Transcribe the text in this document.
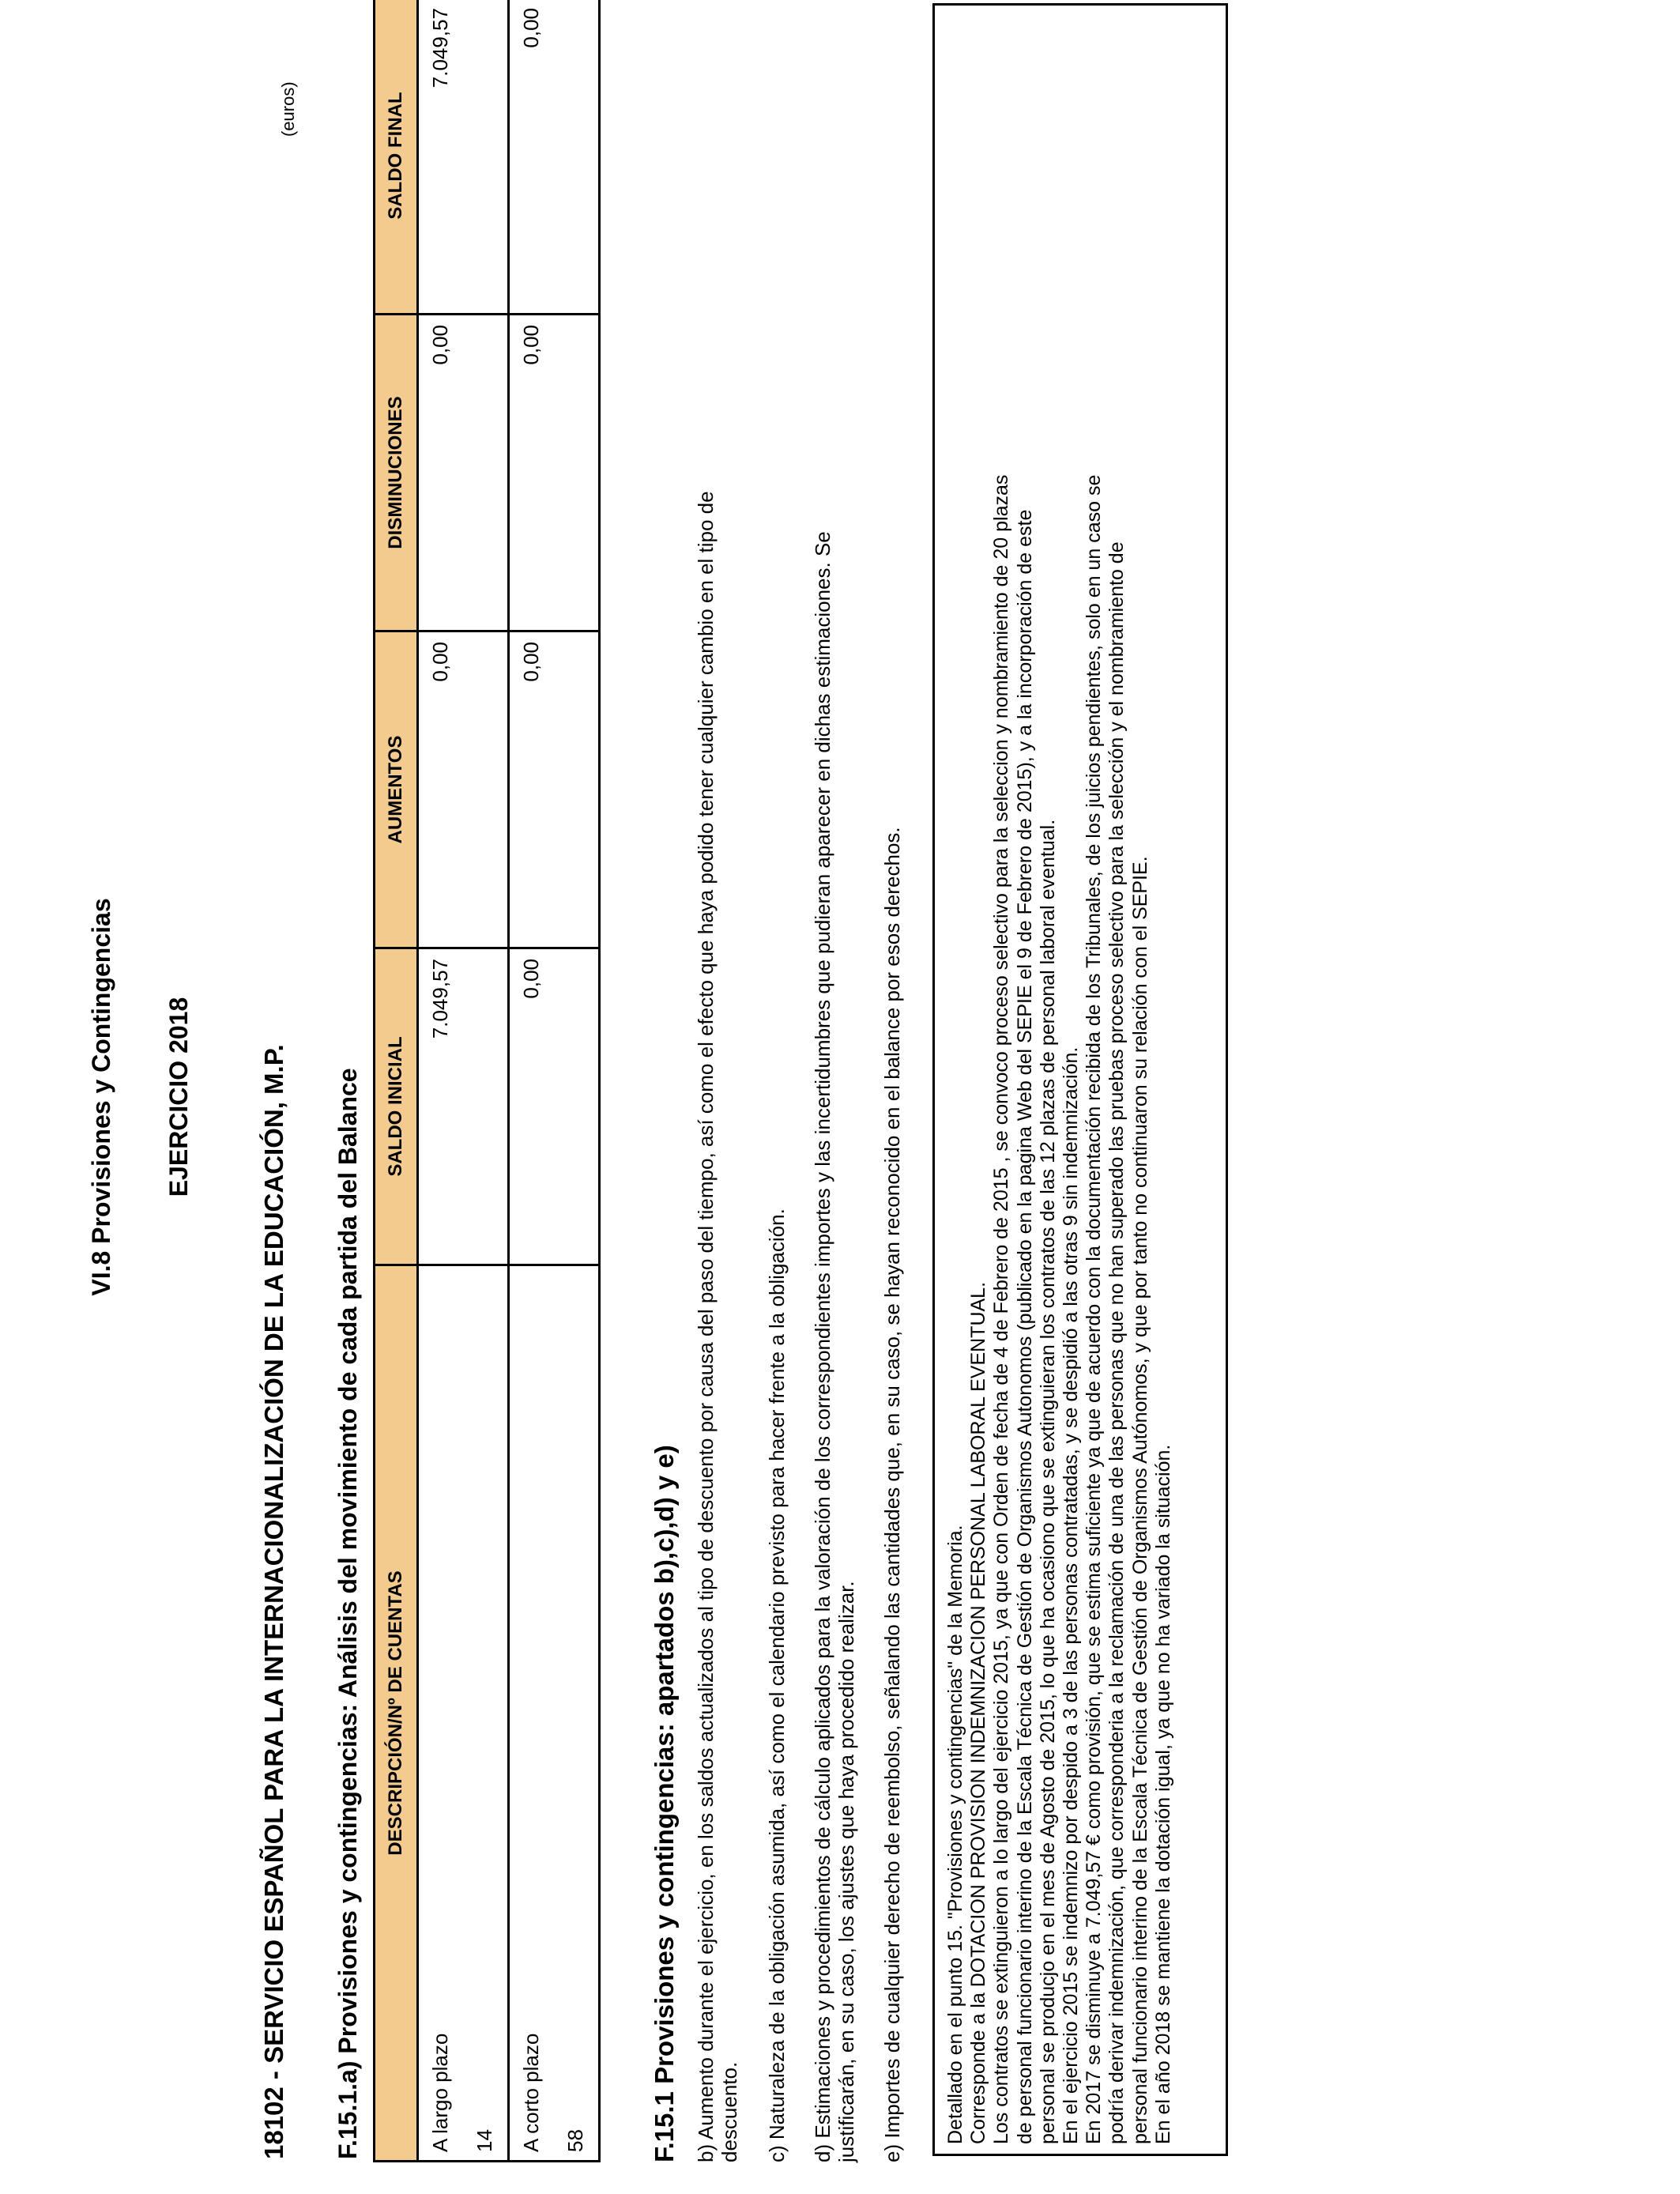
VI.8 Provisiones y Contingencias EJERCICIO 2018	18102 - SERVICIO ESPAÑOL PARA LA INTERNACIONALIZACIÓN DE LA EDUCACIÓN, M.P.
(euros)
F.15.1.a) Provisiones y contingencias: Análisis del movimiento de cada partida del Balance DESCRIPCIÓN/Nº DE CUENTAS	SALDO INICIAL	AUMENTOS	DISMINUCIONES	SALDO FINAL

A largo plazo 14	7.049,57	0,00	0,00	7.049,57

A corto plazo 58	0,00	0,00	0,00	0,00
F.15.1 Provisiones y contingencias: apartados b),c),d) y e) b) Aumento durante el ejercicio, en los saldos actualizados al tipo de descuento por causa del paso del tiempo, así como el efecto que haya podido tener cualquier cambio en el tipo de descuento. c) Naturaleza de la obligación asumida, así como el calendario previsto para hacer frente a la obligación. d) Estimaciones y procedimientos de cálculo aplicados para la valoración de los correspondientes importes y las incertidumbres que pudieran aparecer en dichas estimaciones. Se justificarán, en su caso, los ajustes que haya procedido realizar. e) Importes de cualquier derecho de reembolso, señalando las cantidades que, en su caso, se hayan reconocido en el balance por esos derechos. Detallado en el punto 15. "Provisiones y contingencias" de la Memoria. Corresponde a la DOTACION PROVISION INDEMNIZACION PERSONAL LABORAL EVENTUAL. Los contratos se extinguieron a lo largo del ejercicio 2015, ya que con Orden de fecha de 4 de Febrero de 2015 , se convoco proceso selectivo para la seleccion y nombramiento de 20 plazas de personal funcionario interino de la Escala Técnica de Gestión de Organismos Autonomos (publicado en la pagina Web del SEPIE el 9 de Febrero de 2015), y a la incorporación de este personal se producjo en el mes de Agosto de 2015, lo que ha ocasiono que se extinguieran los contratos de las 12 plazas de personal laboral eventual. En el ejercicio 2015 se indemnizo por despido a 3 de las personas contratadas, y se despidió a las otras 9 sin indemnización. En 2017 se disminuye a 7.049,57 € como provisión, que se estima suficiente ya que de acuerdo con la documentación recibida de los Tribunales, de los juicios pendientes, solo en un caso se podría derivar indemnización, que corresponderia a la reclamación de una de las personas que no han superado las pruebas proceso selectivo para la selección y el nombramiento de personal funcionario interino de la Escala Técnica de Gestión de Organismos Autónomos, y que por tanto no continuaron su relación con el SEPIE. En el año 2018 se mantiene la dotación igual, ya que no ha variado la situación.
